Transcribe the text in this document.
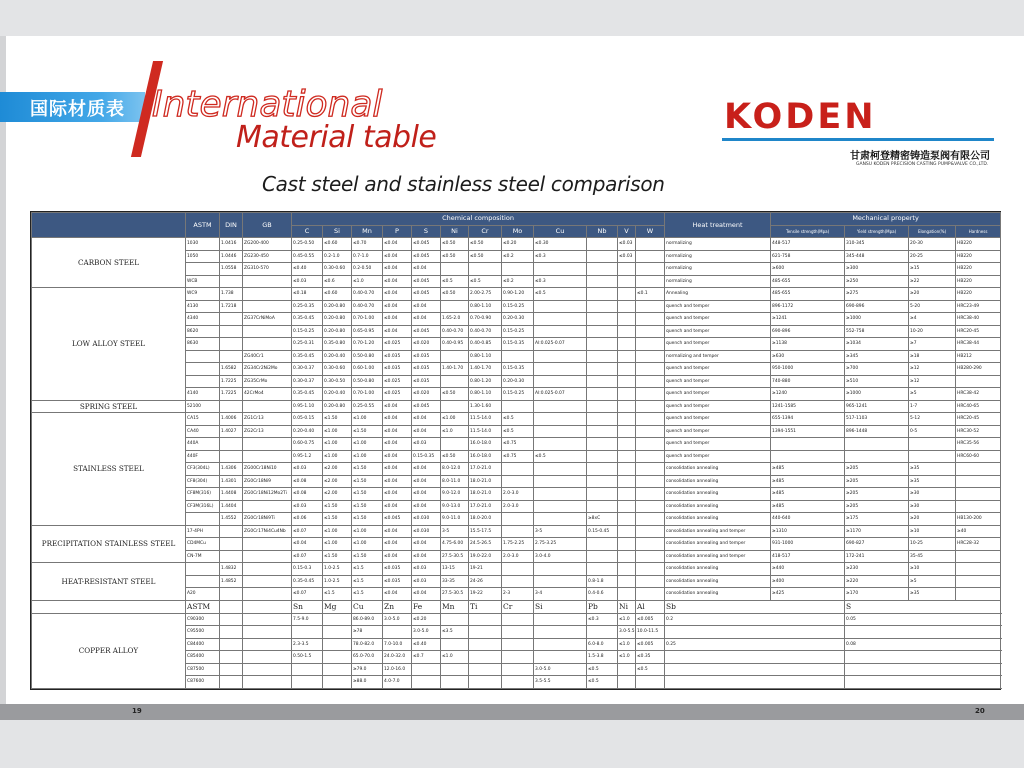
19	20
国际材质表 International
Material table
KODEN
甘肃柯登精密铸造泵阀有限公司
GANSU KODEN PRECISION CASTING PUMP&VALVE CO.,LTD.
Cast steel and stainless steel comparison
	ASTM	DIN	GB	Chemical composition												Heat treatment	Mechanical property			
				C	Si	Mn	P	S	Ni	Cr	Mo	Cu	Nb	V	W		Tensile strength(Mpa)	Yield strength(Mpa)	Elongation(%)	Hardness
CARBON STEEL	1030	1.0416	ZG200-400	0.25-0.50	≤0.60	≤0.70	≤0.04	≤0.045	≤0.50	≤0.50	≤0.20	≤0.30		≤0.03		normalizing	448-517	310-345	20-30	HB220
	1050	1.0446	ZG230-450	0.45-0.55	0.2-1.0	0.7-1.0	≤0.04	≤0.045	≤0.50	≤0.50	≤0.2	≤0.3		≤0.03		normalizing	621-758	345-448	20-25	HB220
		1.0558	ZG310-570	≤0.40	0.30-0.60	0.2-0.50	≤0.04	≤0.04								normalizing	≥600	≥300	≥15	HB220
	WCB			≤0.03	≤0.6	≤1.0	≤0.04	≤0.045	≤0.5	≤0.5	≤0.2	≤0.3				normalizing	485-655	≥250	≥22	HB220
LOW ALLOY STEEL	WC9	1.738		≤0.18	≤0.60	0.40-0.70	≤0.04	≤0.045	≤0.50	2.00-2.75	0.90-1.20	≤0.5			≤0.1	Annealing	485-655	≥275	≥20	HB220
	4130	1.7218		0.25-0.35	0.20-0.80	0.40-0.70	≤0.04	≤0.04		0.80-1.10	0.15-0.25					quench and temper	896-1172	690-896	5-20	HRC23-49
	4340		ZG37CrNiMoA	0.35-0.45	0.20-0.80	0.70-1.00	≤0.04	≤0.04	1.65-2.0	0.70-0.90	0.20-0.30					quench and temper	≥1241	≥1000	≥4	HRC38-40
	8620			0.15-0.25	0.20-0.80	0.65-0.95	≤0.04	≤0.045	0.40-0.70	0.40-0.70	0.15-0.25					quench and temper	690-896	552-758	10-20	HRC20-45
	8630			0.25-0.31	0.35-0.80	0.70-1.20	≤0.025	≤0.020	0.40-0.95	0.40-0.85	0.15-0.35	Al:0.025-0.07				quench and temper	≥1138	≥1034	≥7	HRC38-44
			ZG40Cr1	0.35-0.45	0.20-0.40	0.50-0.80	≤0.035	≤0.035		0.80-1.10						normalizing and temper	≥630	≥345	≥18	HB212
		1.6582	ZG34Cr2Ni2Mo	0.30-0.37	0.30-0.60	0.60-1.00	≤0.035	≤0.035	1.40-1.70	1.40-1.70	0.15-0.35					quench and temper	950-1000	≥700	≥12	HB280-290
		1.7225	ZG35CrMo	0.30-0.37	0.30-0.50	0.50-0.80	≤0.025	≤0.035		0.80-1.20	0.20-0.30					quench and temper	740-880	≥510	≥12	
	4140	1.7225	42CrMo4	0.35-0.45	0.20-0.40	0.70-1.00	≤0.025	≤0.020	≤0.50	0.80-1.10	0.15-0.25	Al:0.025-0.07				quench and temper	≥1240	≥1000	≥5	HRC38-42
SPRING STEEL	52100			0.95-1.10	0.20-0.80	0.25-0.55	≤0.04	≤0.045		1.30-1.60						quench and temper	1241-1585	965-1241	1-7	HRC40-65
STAINLESS STEEL	CA15	1.4006	ZG1Cr13	0.05-0.15	≤1.50	≤1.00	≤0.04	≤0.04	≤1.00	11.5-14.0	≤0.5					quench and temper	655-1394	517-1103	5-12	HRC20-45
	CA40	1.4027	ZG2Cr13	0.20-0.40	≤1.00	≤1.50	≤0.04	≤0.04	≤1.0	11.5-14.0	≤0.5					quench and temper	1394-1551	896-1448	0-5	HRC30-52
	440A			0.60-0.75	≤1.00	≤1.00	≤0.04	≤0.03		16.0-18.0	≤0.75					quench and temper				HRC35-56
	440F			0.95-1.2	≤1.00	≤1.00	≤0.04	0.15-0.35	≤0.50	16.0-18.0	≤0.75	≤0.5				quench and temper				HRC60-60
	CF3(304L)	1.4306	ZG00Cr18Ni10	≤0.03	≤2.00	≤1.50	≤0.04	≤0.04	8.0-12.0	17.0-21.0						consolidation annealing	≥485	≥205	≥35	
	CF8(304)	1.4301	ZG0Cr18Ni9	≤0.08	≤2.00	≤1.50	≤0.04	≤0.04	8.0-11.0	18.0-21.0						consolidation annealing	≥485	≥205	≥35	
	CF8M(316)	1.4408	ZG0Cr18Ni12Mo2Ti	≤0.08	≤2.00	≤1.50	≤0.04	≤0.04	9.0-12.0	18.0-21.0	2.0-3.0					consolidation annealing	≥485	≥205	≥30	
	CF3M(316L)	1.4404		≤0.03	≤1.50	≤1.50	≤0.04	≤0.04	9.0-13.0	17.0-21.0	2.0-3.0					consolidation annealing	≥485	≥205	≥30	
		1.4552	ZG0Cr18Ni9Ti	≤0.06	≤1.50	≤1.50	≤0.045	≤0.030	9.0-11.0	18.0-20.0			≥8xC			consolidation annealing	440-640	≥175	≥20	HB130-200
PRECIPITATION STAINLESS STEEL	17-4PH		ZG0Cr17Ni4Cu4Nb	≤0.07	≤1.00	≤1.00	≤0.04	≤0.030	3-5	15.5-17.5		3-5	0.15-0.45			consolidation annealing and temper	≥1310	≥1170	≥10	≥40
	CD4MCu			≤0.04	≤1.00	≤1.00	≤0.04	≤0.04	4.75-6.00	24.5-26.5	1.75-2.25	2.75-3.25				consolidation annealing and temper	931-1000	690-827	10-25	HRC28-32
	CN-7M			≤0.07	≤1.50	≤1.50	≤0.04	≤0.04	27.5-30.5	19.0-22.0	2.0-3.0	3.0-4.0				consolidation annealing and temper	418-517	172-241	35-45	
HEAT-RESISTANT STEEL		1.4832		0.15-0.3	1.0-2.5	≤1.5	≤0.035	≤0.03	13-15	19-21						consolidation annealing	≥440	≥230	≥10	
		1.4852		0.35-0.45	1.0-2.5	≤1.5	≤0.035	≤0.03	33-35	24-26			0.8-1.8			consolidation annealing	≥400	≥220	≥5	
	A20			≤0.07	≤1.5	≤1.5	≤0.04	≤0.04	27.5-30.5	19-22	2-3	3-4	0.4-0.6			consolidation annealing	≥425	≥170	≥35	
	ASTM			Sn	Mg	Cu	Zn	Fe	Mn	Ti	Cr	Si	Pb	Ni	Al	Sb		S		
COPPER ALLOY	C90300			7.5-9.0		86.0-89.0	3.0-5.0	≤0.20					≤0.3	≤1.0	≤0.005	0.2		0.05		
	C95500					≥78		3.0-5.0	≤3.5					3.0-5.5	10.0-11.5					
	C84400			2.3-3.5		78.0-82.0	7.0-10.0	≤0.40					6.0-8.0	≤1.0	≤0.005	0.25		0.08		
	C85400			0.50-1.5		65.0-70.0	24.0-32.0	≤0.7	≤1.0				1.5-3.8	≤1.0	≤0.35					
	C87500					≥79.0	12.0-16.0					3.0-5.0	≤0.5		≤0.5					
	C87600					≥88.0	4.0-7.0					3.5-5.5	≤0.5							
